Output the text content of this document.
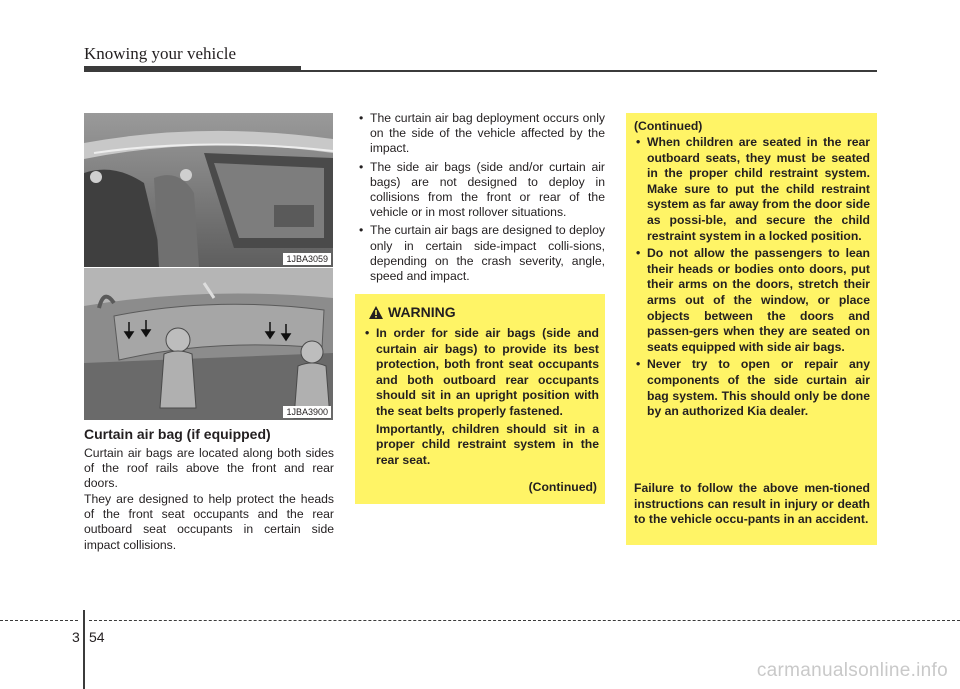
Knowing your vehicle
1JBA3059
1JBA3900
Curtain air bag (if equipped)

Curtain air bags are located along both sides of the roof rails above the front and rear doors.

They are designed to help protect the heads of the front seat occupants and the rear outboard seat occupants in certain side impact collisions.

• The curtain air bag deployment occurs only on the side of the vehicle affected by the impact.
• The side air bags (side and/or curtain air bags) are not designed to deploy in collisions from the front or rear of the vehicle or in most rollover situations.
• The curtain air bags are designed to deploy only in certain side-impact colli-sions, depending on the crash severity, angle, speed and impact.
WARNING
• In order for side air bags (side and curtain air bags) to provide its best protection, both front seat occupants and both outboard rear occupants should sit in an upright position with the seat belts properly fastened.
Importantly, children should sit in a proper child restraint system in the rear seat.
(Continued)
(Continued)
• When children are seated in the rear outboard seats, they must be seated in the proper child restraint system. Make sure to put the child restraint system as far away from the door side as possi-ble, and secure the child restraint system in a locked position.
• Do not allow the passengers to lean their heads or bodies onto doors, put their arms on the doors, stretch their arms out of the window, or place objects between the doors and passen-gers when they are seated on seats equipped with side air bags.
• Never try to open or repair any components of the side curtain air bag system. This should only be done by an authorized Kia dealer.

Failure to follow the above men-tioned instructions can result in injury or death to the vehicle occu-pants in an accident.

3 54
carmanualsonline.info
